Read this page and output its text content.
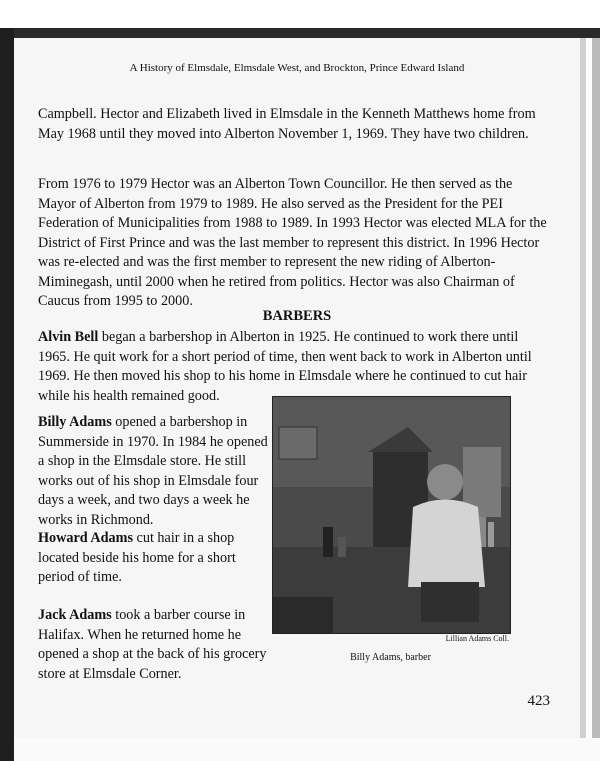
A History of Elmsdale, Elmsdale West, and Brockton, Prince Edward Island

Campbell. Hector and Elizabeth lived in Elmsdale in the Kenneth Matthews home from May 1968 until they moved into Alberton November 1, 1969. They have two children.

From 1976 to 1979 Hector was an Alberton Town Councillor. He then served as the Mayor of Alberton from 1979 to 1989. He also served as the President for the PEI Federation of Municipalities from 1988 to 1989. In 1993 Hector was elected MLA for the District of First Prince and was the last member to represent this district. In 1996 Hector was re-elected and was the first member to represent the new riding of Alberton-Miminegash, until 2000 when he retired from politics. Hector was also Chairman of Caucus from 1995 to 2000.

BARBERS

Alvin Bell began a barbershop in Alberton in 1925. He continued to work there until 1965. He quit work for a short period of time, then went back to work in Alberton until 1969. He then moved his shop to his home in Elmsdale where he continued to cut hair while his health remained good.

Billy Adams opened a barbershop in Summerside in 1970. In 1984 he opened a shop in the Elmsdale store. He still works out of his shop in Elmsdale four days a week, and two days a week he works in Richmond.

Howard Adams cut hair in a shop located beside his home for a short period of time.

Jack Adams took a barber course in Halifax. When he returned home he opened a shop at the back of his grocery store at Elmsdale Corner.

Lillian Adams Coll.
Billy Adams, barber
423
